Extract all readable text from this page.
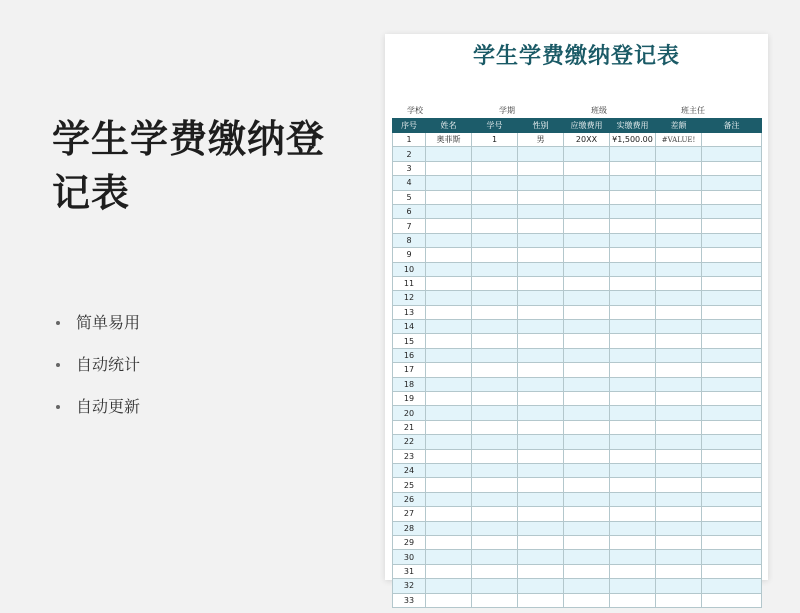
学生学费缴纳登记表
简单易用
自动统计
自动更新
学生学费缴纳登记表
学校	学期	班级	班主任
序号	姓名	学号	性别	应缴费用	实缴费用	差额	备注
1	奥菲斯	1	男	20XX	¥1,500.00	#VALUE!	
2							
3							
4							
5							
6							
7							
8							
9							
10							
11							
12							
13							
14							
15							
16							
17							
18							
19							
20							
21							
22							
23							
24							
25							
26							
27							
28							
29							
30							
31							
32							
33							
